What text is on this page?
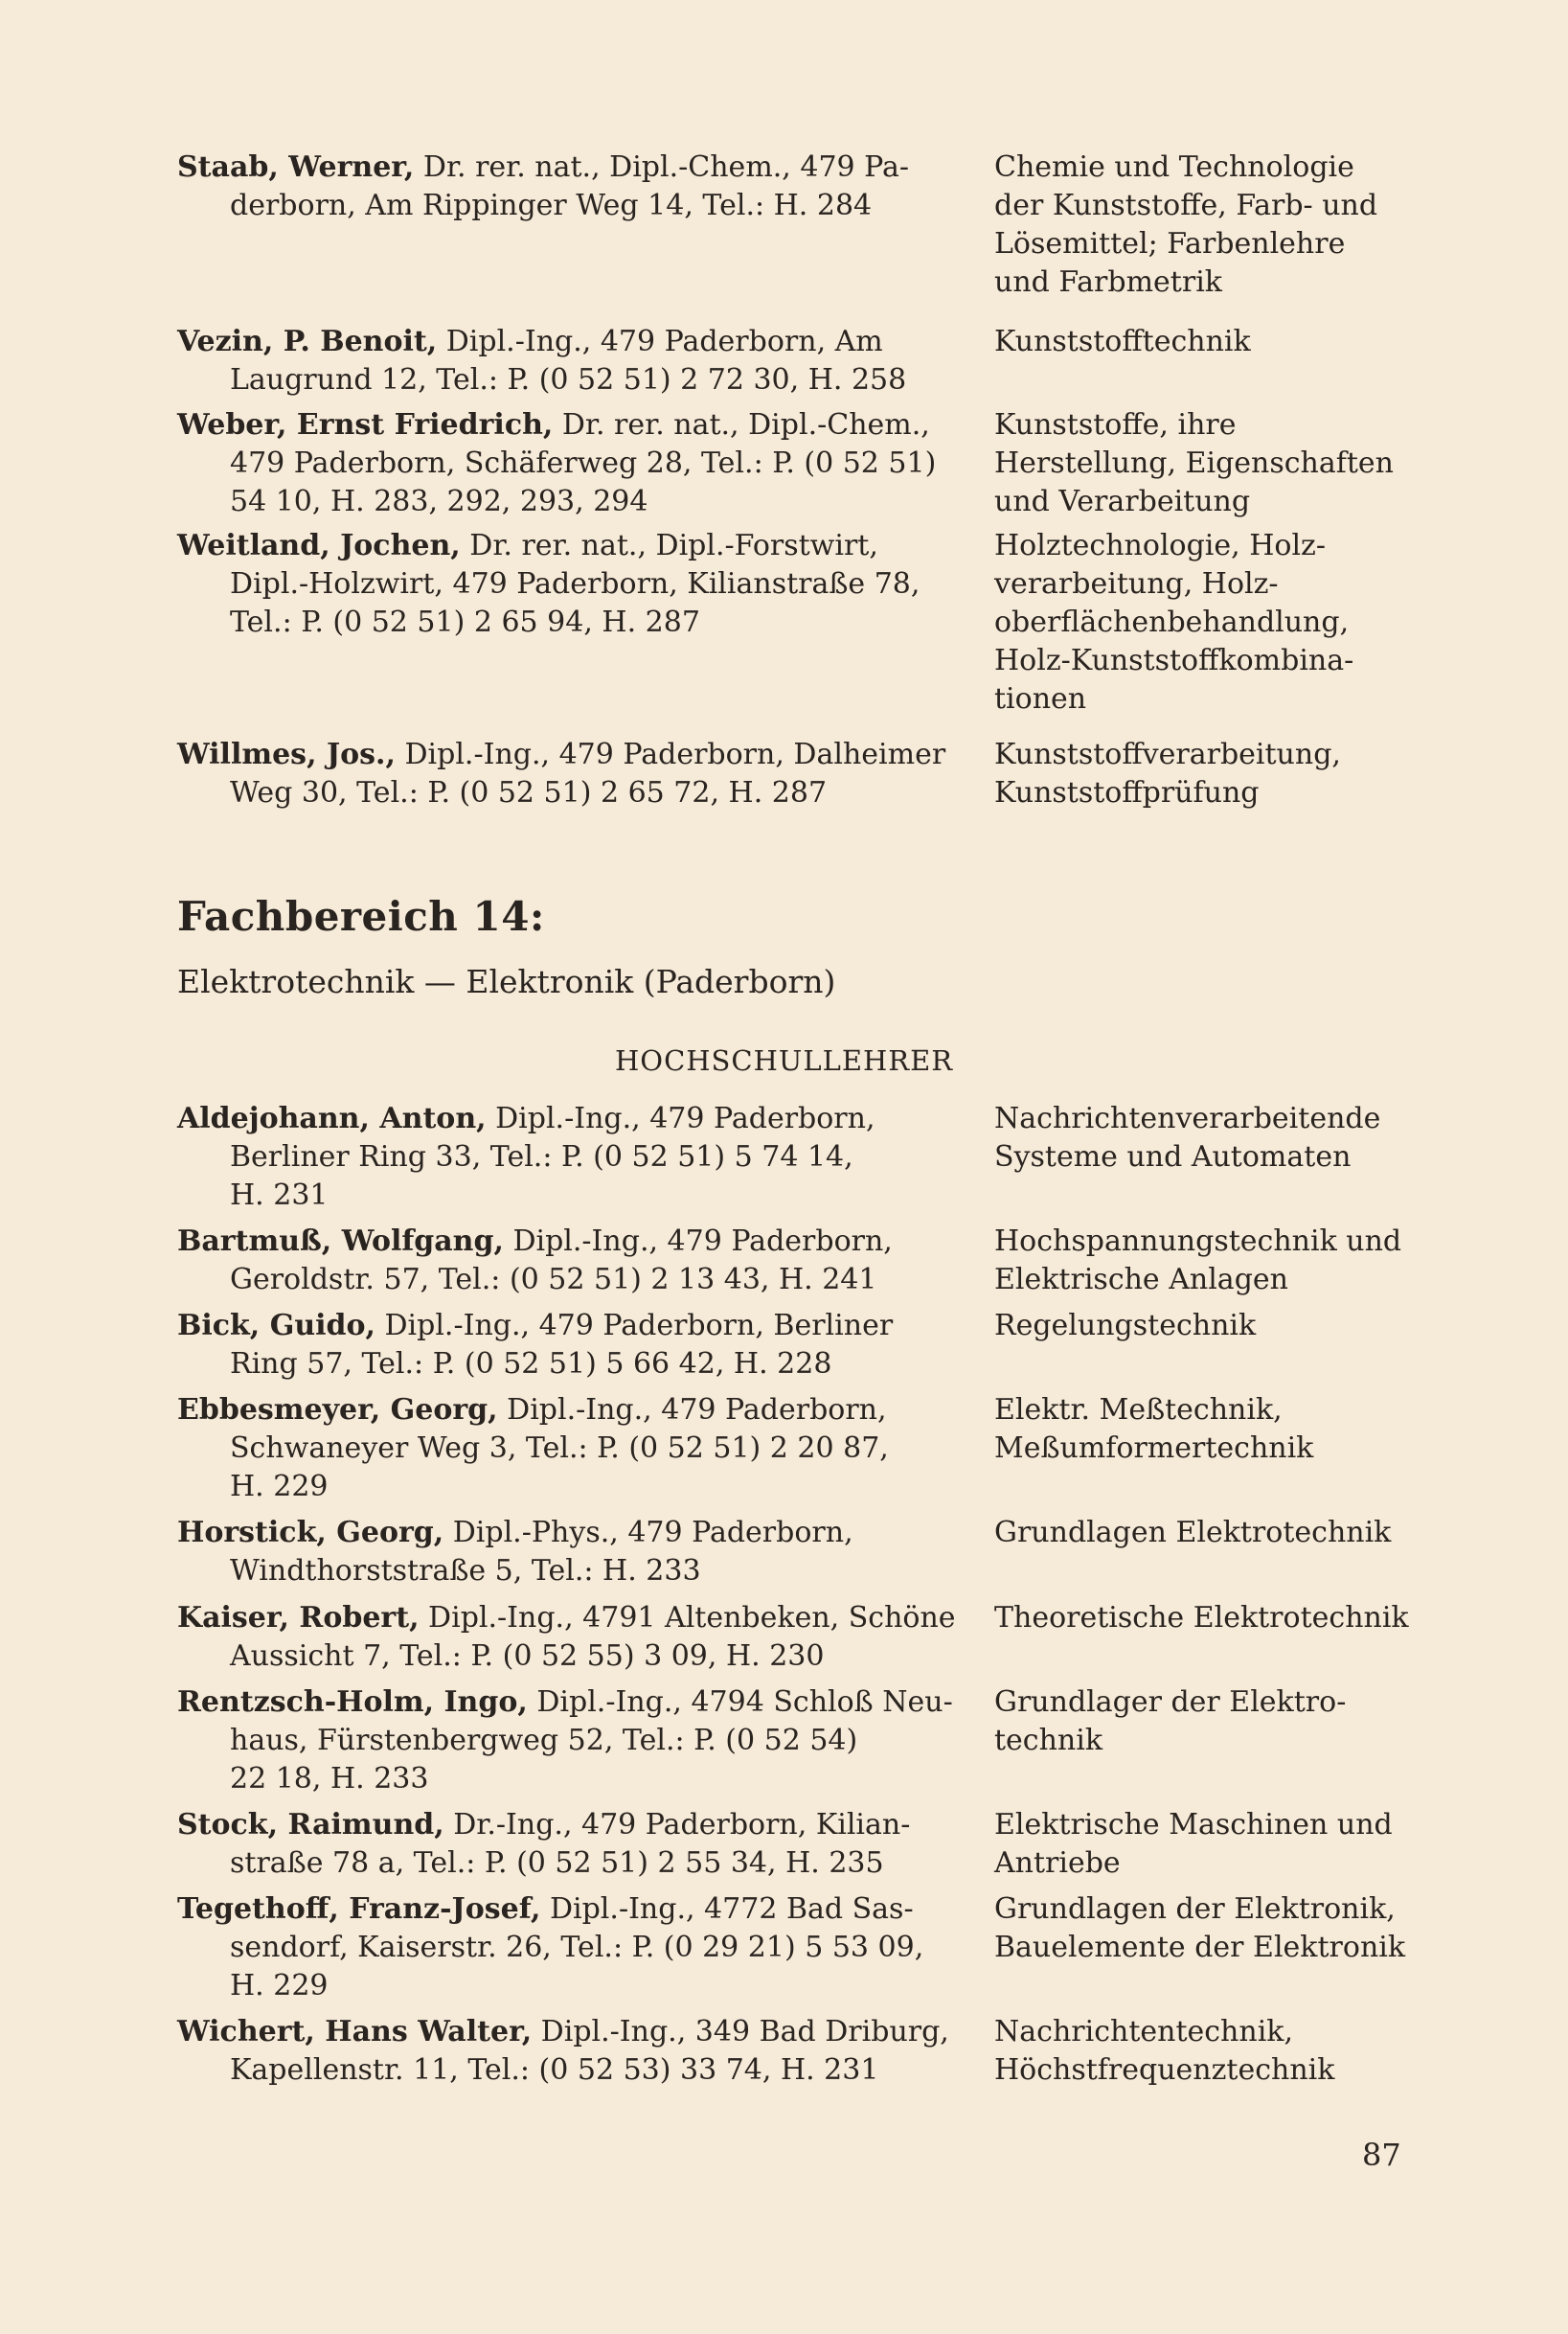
Staab, Werner, Dr. rer. nat., Dipl.-Chem., 479 Pa-
derborn, Am Rippinger Weg 14, Tel.: H. 284
Chemie und Technologie
der Kunststoffe, Farb- und
Lösemittel; Farbenlehre
und Farbmetrik
Vezin, P. Benoit, Dipl.-Ing., 479 Paderborn, Am
Laugrund 12, Tel.: P. (0 52 51) 2 72 30, H. 258
Kunststofftechnik
Weber, Ernst Friedrich, Dr. rer. nat., Dipl.-Chem.,
479 Paderborn, Schäferweg 28, Tel.: P. (0 52 51)
54 10, H. 283, 292, 293, 294
Kunststoffe, ihre
Herstellung, Eigenschaften
und Verarbeitung
Weitland, Jochen, Dr. rer. nat., Dipl.-Forstwirt,
Dipl.-Holzwirt, 479 Paderborn, Kilianstraße 78,
Tel.: P. (0 52 51) 2 65 94, H. 287
Holztechnologie, Holz-
verarbeitung, Holz-
oberflächenbehandlung,
Holz-Kunststoffkombina-
tionen
Willmes, Jos., Dipl.-Ing., 479 Paderborn, Dalheimer
Weg 30, Tel.: P. (0 52 51) 2 65 72, H. 287
Kunststoffverarbeitung,
Kunststoffprüfung
Fachbereich 14:
Elektrotechnik — Elektronik (Paderborn)
HOCHSCHULLEHRER
Aldejohann, Anton, Dipl.-Ing., 479 Paderborn,
Berliner Ring 33, Tel.: P. (0 52 51) 5 74 14,
H. 231
Nachrichtenverarbeitende
Systeme und Automaten
Bartmuß, Wolfgang, Dipl.-Ing., 479 Paderborn,
Geroldstr. 57, Tel.: (0 52 51) 2 13 43, H. 241
Hochspannungstechnik und
Elektrische Anlagen
Bick, Guido, Dipl.-Ing., 479 Paderborn, Berliner
Ring 57, Tel.: P. (0 52 51) 5 66 42, H. 228
Regelungstechnik
Ebbesmeyer, Georg, Dipl.-Ing., 479 Paderborn,
Schwaneyer Weg 3, Tel.: P. (0 52 51) 2 20 87,
H. 229
Elektr. Meßtechnik,
Meßumformertechnik
Horstick, Georg, Dipl.-Phys., 479 Paderborn,
Windthorststraße 5, Tel.: H. 233
Grundlagen Elektrotechnik
Kaiser, Robert, Dipl.-Ing., 4791 Altenbeken, Schöne
Aussicht 7, Tel.: P. (0 52 55) 3 09, H. 230
Theoretische Elektrotechnik
Rentzsch-Holm, Ingo, Dipl.-Ing., 4794 Schloß Neu-
haus, Fürstenbergweg 52, Tel.: P. (0 52 54)
22 18, H. 233
Grundlager der Elektro-
technik
Stock, Raimund, Dr.-Ing., 479 Paderborn, Kilian-
straße 78 a, Tel.: P. (0 52 51) 2 55 34, H. 235
Elektrische Maschinen und
Antriebe
Tegethoff, Franz-Josef, Dipl.-Ing., 4772 Bad Sas-
sendorf, Kaiserstr. 26, Tel.: P. (0 29 21) 5 53 09,
H. 229
Grundlagen der Elektronik,
Bauelemente der Elektronik
Wichert, Hans Walter, Dipl.-Ing., 349 Bad Driburg,
Kapellenstr. 11, Tel.: (0 52 53) 33 74, H. 231
Nachrichtentechnik,
Höchstfrequenztechnik
87
